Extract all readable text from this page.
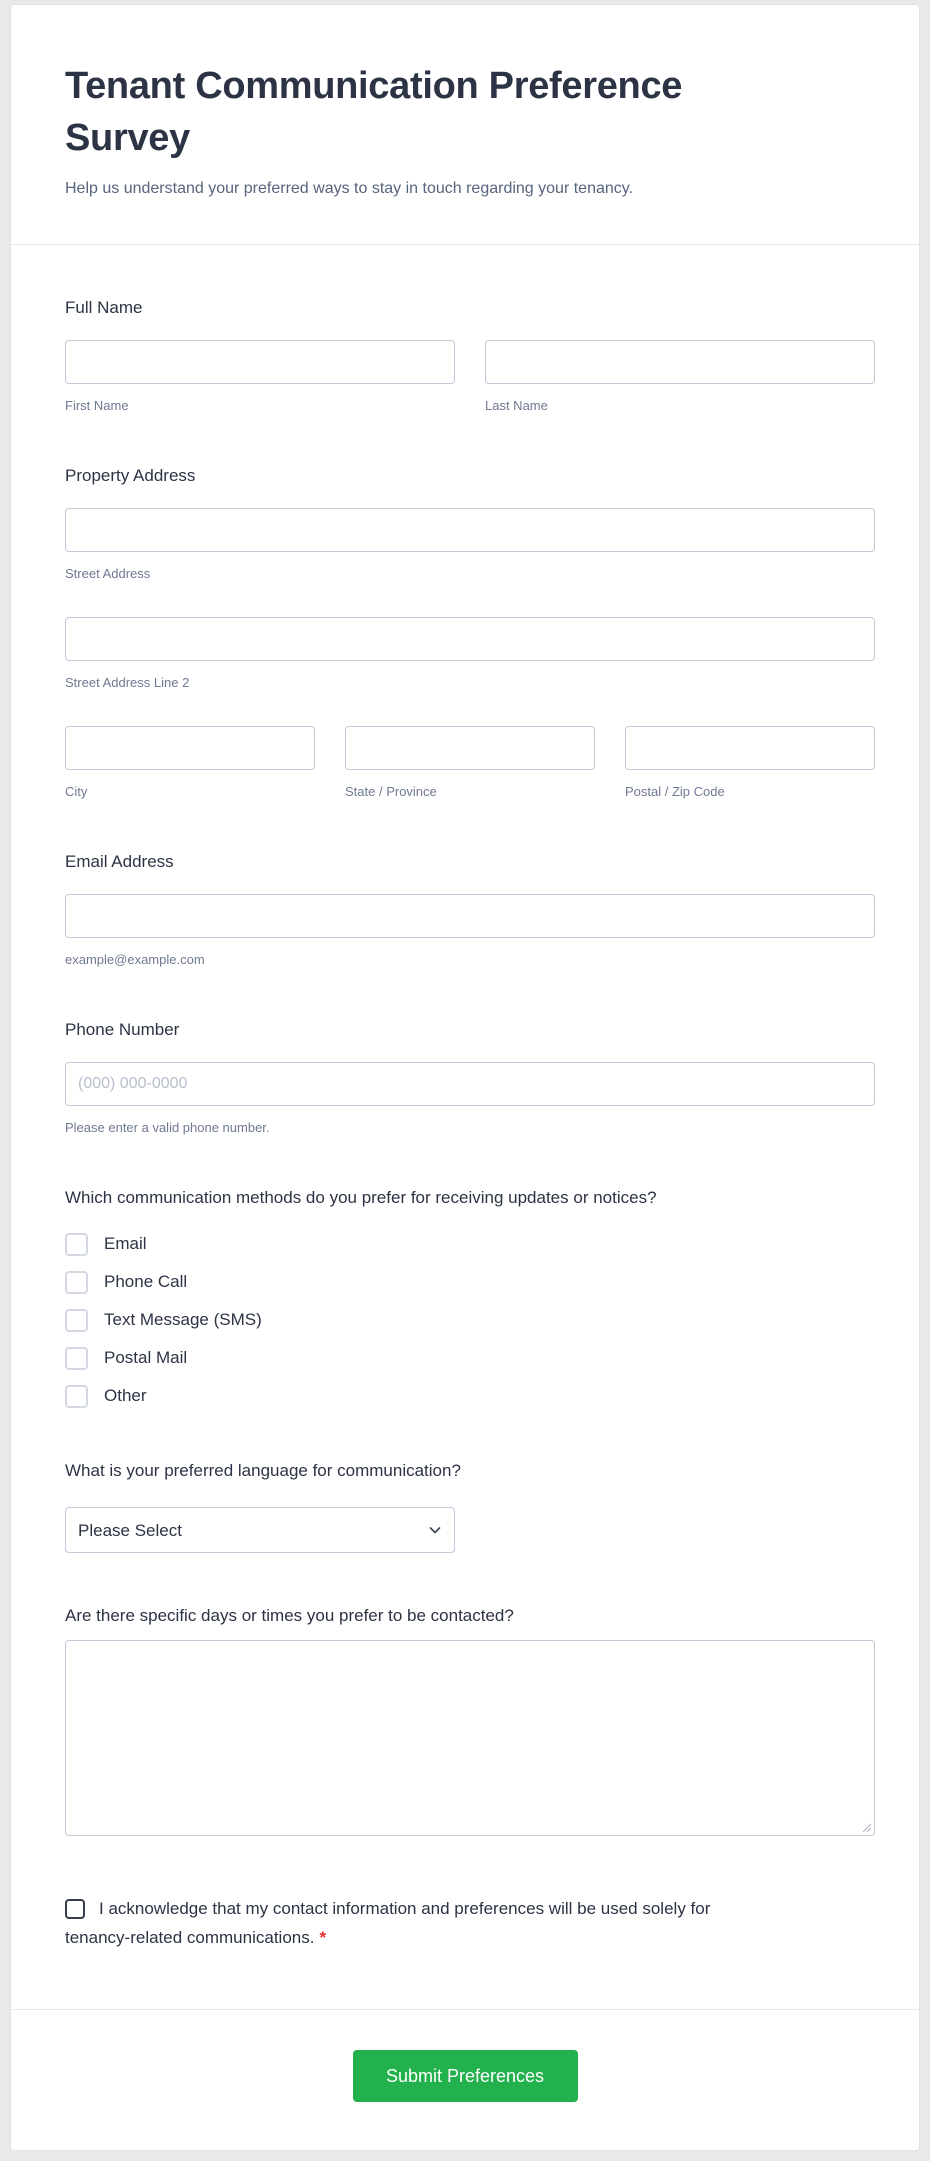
Tenant Communication Preference Survey

Help us understand your preferred ways to stay in touch regarding your tenancy.

Full Name
First Name	Last Name
Property Address
Street Address
Street Address Line 2
City	State / Province	Postal / Zip Code
Email Address
example@example.com
Phone Number
(000) 000-0000
Please enter a valid phone number.
Which communication methods do you prefer for receiving updates or notices?
Email
Phone Call
Text Message (SMS)
Postal Mail
Other
What is your preferred language for communication?
Please Select
Are there specific days or times you prefer to be contacted?
I acknowledge that my contact information and preferences will be used solely for tenancy-related communications. *
Submit Preferences
